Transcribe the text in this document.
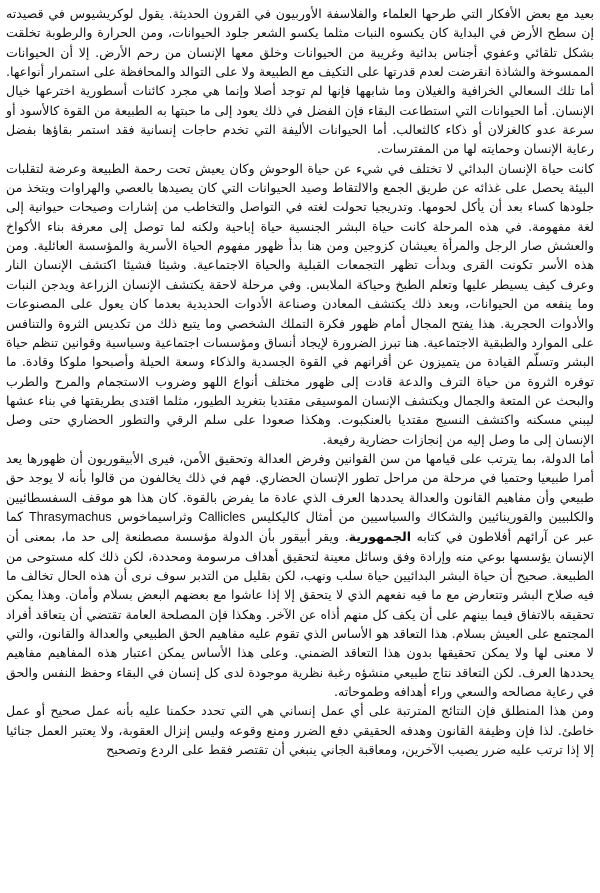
بعيد مع بعض الأفكار التي طرحها العلماء والفلاسفة الأوربيون في القرون الحديثة. يقول لوكريشيوس في قصيدته إن سطح الأرض في البداية كان يكسوه النبات مثلما يكسو الشعر جلود الحيوانات، ومن الحرارة والرطوبة تخلقت بشكل تلقائي وعفوي أجناس بدائية وغريبة من الحيوانات وخلق معها الإنسان من رحم الأرض. إلا أن الحيوانات الممسوخة والشاذة انقرضت لعدم قدرتها على التكيف مع الطبيعة ولا على التوالد والمحافظة على استمرار أنواعها. أما تلك السعالي الخرافية والغيلان وما شابهها فإنها لم توجد أصلا وإنما هي مجرد كائنات أسطورية اخترعها خيال الإنسان. أما الحيوانات التي استطاعت البقاء فإن الفضل في ذلك يعود إلى ما حبتها به الطبيعة من القوة كالأسود أو سرعة عدو كالغزلان أو ذكاء كالثعالب. أما الحيوانات الأليفة التي تخدم حاجات إنسانية فقد استمر بقاؤها بفضل رعاية الإنسان وحمايته لها من المفترسات.

كانت حياة الإنسان البدائي لا تختلف في شيء عن حياة الوحوش وكان يعيش تحت رحمة الطبيعة وعرضة لتقلبات البيئة يحصل على غذائه عن طريق الجمع والالتقاط وصيد الحيوانات التي كان يصيدها بالعصي والهراوات ويتخذ من جلودها كساء بعد أن يأكل لحومها. وتدريجيا تحولت لغته في التواصل والتخاطب من إشارات وصيحات حيوانية إلى لغة مفهومة. في هذه المرحلة كانت حياة البشر الجنسية حياة إباحية ولكنه لما توصل إلى معرفة بناء الأكواخ والعشش صار الرجل والمرأة يعيشان كزوجين ومن هنا بدأ ظهور مفهوم الحياة الأسرية والمؤسسة العائلية. ومن هذه الأسر تكونت القرى وبدأت تظهر التجمعات القبلية والحياة الاجتماعية. وشيئا فشيئا اكتشف الإنسان النار وعرف كيف يسيطر عليها وتعلم الطبخ وحياكة الملابس. وفي مرحلة لاحقة يكتشف الإنسان الزراعة ويدجن النبات وما ينفعه من الحيوانات، وبعد ذلك يكتشف المعادن وصناعة الأدوات الحديدية بعدما كان يعول على المصنوعات والأدوات الحجرية. هذا يفتح المجال أمام ظهور فكرة التملك الشخصي وما يتبع ذلك من تكديس الثروة والتنافس على الموارد والطبقية الاجتماعية. هنا تبرز الضرورة لإيجاد أنساق ومؤسسات اجتماعية وسياسية وقوانين تنظم حياة البشر وتسلّم القيادة من يتميزون عن أقرانهم في القوة الجسدية والذكاء وسعة الحيلة وأصبحوا ملوكا وقادة. ما توفره الثروة من حياة الترف والدعة قادت إلى ظهور مختلف أنواع اللهو وضروب الاستجمام والمرح والطرب والبحث عن المتعة والجمال ويكتشف الإنسان الموسيقى مقتديا بتغريد الطيور، مثلما اقتدى بطريقتها في بناء عشها ليبني مسكنه واكتشف النسيج مقتديا بالعنكبوت. وهكذا صعودا على سلم الرقي والتطور الحضاري حتى وصل الإنسان إلى ما وصل إليه من إنجازات حضارية رفيعة.

أما الدولة، بما يترتب على قيامها من سن القوانين وفرض العدالة وتحقيق الأمن، فيرى الأبيقوريون أن ظهورها يعد أمرا طبيعيا وحتميا في مرحلة من مراحل تطور الإنسان الحضاري. فهم في ذلك يخالفون من قالوا بأنه لا يوجد حق طبيعي وأن مفاهيم القانون والعدالة يحددها العرف الذي عادة ما يفرض بالقوة. كان هذا هو موقف السفسطائيين والكلبيين والقورينائيين والشكاك والسياسيين من أمثال كاليكليس Callicles وثراسيماخوس Thrasymachus كما عبر عن آرائهم أفلاطون في كتابه الجمهورية. ويقر أبيقور بأن الدولة مؤسسة مصطنعة إلى حد ما، بمعنى أن الإنسان يؤسسها بوعي منه وإرادة وفق وسائل معينة لتحقيق أهداف مرسومة ومحددة، لكن ذلك كله مستوحى من الطبيعة. صحيح أن حياة البشر البدائيين حياة سلب ونهب، لكن بقليل من التدبر سوف نرى أن هذه الحال تخالف ما فيه صلاح البشر وتتعارض مع ما فيه نفعهم الذي لا يتحقق إلا إذا عاشوا مع بعضهم البعض بسلام وأمان. وهذا يمكن تحقيقه بالاتفاق فيما بينهم على أن يكف كل منهم أذاه عن الآخر. وهكذا فإن المصلحة العامة تقتضي أن يتعاقد أفراد المجتمع على العيش بسلام. هذا التعاقد هو الأساس الذي تقوم عليه مفاهيم الحق الطبيعي والعدالة والقانون، والتي لا معنى لها ولا يمكن تحقيقها بدون هذا التعاقد الضمني. وعلى هذا الأساس يمكن اعتبار هذه المفاهيم مفاهيم يحددها العرف. لكن التعاقد نتاج طبيعي منشؤه رغبة نظرية موجودة لدى كل إنسان في البقاء وحفظ النفس والحق في رعاية مصالحه والسعي وراء أهدافه وطموحاته.

ومن هذا المنطلق فإن النتائج المترتبة على أي عمل إنساني هي التي تحدد حكمنا عليه بأنه عمل صحيح أو عمل خاطئ. لذا فإن وظيفة القانون وهدفه الحقيقي دفع الضرر ومنع وقوعه وليس إنزال العقوبة، ولا يعتبر العمل جنائيا إلا إذا ترتب عليه ضرر يصيب الآخرين، ومعاقبة الجاني ينبغي أن تقتصر فقط على الردع وتصحيح
